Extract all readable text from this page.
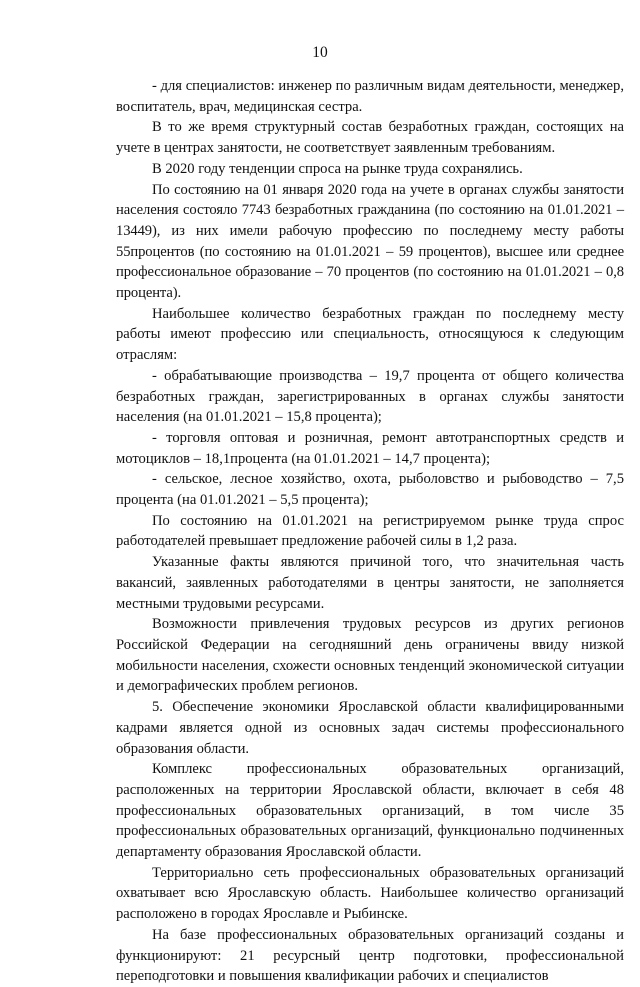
10

- для специалистов: инженер по различным видам деятельности, менеджер, воспитатель, врач, медицинская сестра.

В то же время структурный состав безработных граждан, состоящих на учете в центрах занятости, не соответствует заявленным требованиям.

В 2020 году тенденции спроса на рынке труда сохранялись.

По состоянию на 01 января 2020 года на учете в органах службы занятости населения состояло 7743 безработных гражданина (по состоянию на 01.01.2021 – 13449), из них имели рабочую профессию по последнему месту работы 55процентов (по состоянию на 01.01.2021 – 59 процентов), высшее или среднее профессиональное образование – 70 процентов (по состоянию на 01.01.2021 – 0,8 процента).

Наибольшее количество безработных граждан по последнему месту работы имеют профессию или специальность, относящуюся к следующим отраслям:

- обрабатывающие производства – 19,7 процента от общего количества безработных граждан, зарегистрированных в органах службы занятости населения (на 01.01.2021 – 15,8 процента);

- торговля оптовая и розничная, ремонт автотранспортных средств и мотоциклов – 18,1процента (на 01.01.2021 – 14,7 процента);

- сельское, лесное хозяйство, охота, рыболовство и рыбоводство – 7,5 процента (на 01.01.2021 – 5,5 процента);

По состоянию на 01.01.2021 на регистрируемом рынке труда спрос работодателей превышает предложение рабочей силы в 1,2 раза.

Указанные факты являются причиной того, что значительная часть вакансий, заявленных работодателями в центры занятости, не заполняется местными трудовыми ресурсами.

Возможности привлечения трудовых ресурсов из других регионов Российской Федерации на сегодняшний день ограничены ввиду низкой мобильности населения, схожести основных тенденций экономической ситуации и демографических проблем регионов.

5. Обеспечение экономики Ярославской области квалифицированными кадрами является одной из основных задач системы профессионального образования области.

Комплекс профессиональных образовательных организаций, расположенных на территории Ярославской области, включает в себя 48 профессиональных образовательных организаций, в том числе 35 профессиональных образовательных организаций, функционально подчиненных департаменту образования Ярославской области.

Территориально сеть профессиональных образовательных организаций охватывает всю Ярославскую область. Наибольшее количество организаций расположено в городах Ярославле и Рыбинске.

На базе профессиональных образовательных организаций созданы и функционируют: 21 ресурсный центр подготовки, профессиональной переподготовки и повышения квалификации рабочих и специалистов
